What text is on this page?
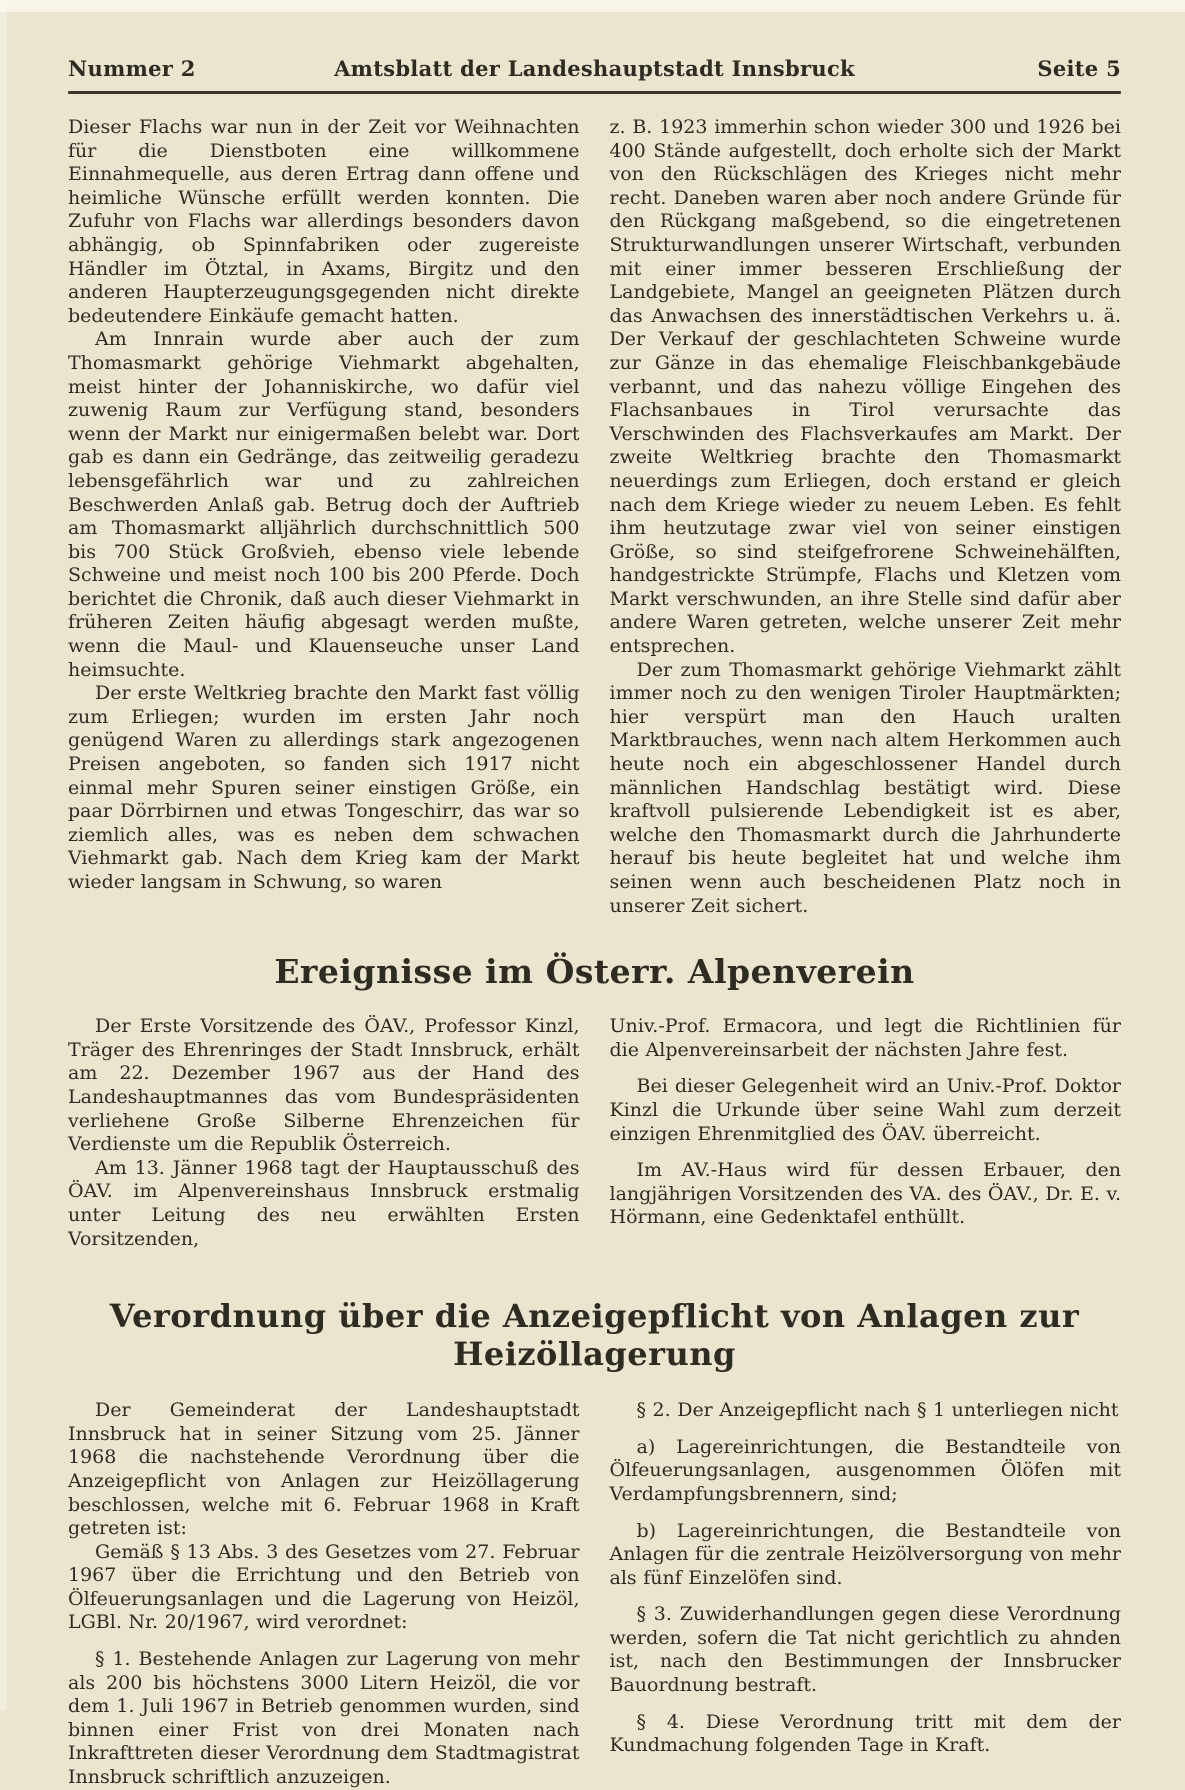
Nummer 2	Amtsblatt der Landeshauptstadt Innsbruck	Seite 5

Dieser Flachs war nun in der Zeit vor Weihnachten für die Dienstboten eine willkommene Einnahmequelle, aus deren Ertrag dann offene und heimliche Wünsche erfüllt werden konnten. Die Zufuhr von Flachs war allerdings besonders davon abhängig, ob Spinnfabriken oder zugereiste Händler im Ötztal, in Axams, Birgitz und den anderen Haupterzeugungsgegenden nicht direkte bedeutendere Einkäufe gemacht hatten.

Am Innrain wurde aber auch der zum Thomasmarkt gehörige Viehmarkt abgehalten, meist hinter der Johanniskirche, wo dafür viel zuwenig Raum zur Verfügung stand, besonders wenn der Markt nur einigermaßen belebt war. Dort gab es dann ein Gedränge, das zeitweilig geradezu lebensgefährlich war und zu zahlreichen Beschwerden Anlaß gab. Betrug doch der Auftrieb am Thomasmarkt alljährlich durchschnittlich 500 bis 700 Stück Großvieh, ebenso viele lebende Schweine und meist noch 100 bis 200 Pferde. Doch berichtet die Chronik, daß auch dieser Viehmarkt in früheren Zeiten häufig abgesagt werden mußte, wenn die Maul- und Klauenseuche unser Land heimsuchte.

Der erste Weltkrieg brachte den Markt fast völlig zum Erliegen; wurden im ersten Jahr noch genügend Waren zu allerdings stark angezogenen Preisen angeboten, so fanden sich 1917 nicht einmal mehr Spuren seiner einstigen Größe, ein paar Dörrbirnen und etwas Tongeschirr, das war so ziemlich alles, was es neben dem schwachen Viehmarkt gab. Nach dem Krieg kam der Markt wieder langsam in Schwung, so waren

z. B. 1923 immerhin schon wieder 300 und 1926 bei 400 Stände aufgestellt, doch erholte sich der Markt von den Rückschlägen des Krieges nicht mehr recht. Daneben waren aber noch andere Gründe für den Rückgang maßgebend, so die eingetretenen Strukturwandlungen unserer Wirtschaft, verbunden mit einer immer besseren Erschließung der Landgebiete, Mangel an geeigneten Plätzen durch das Anwachsen des innerstädtischen Verkehrs u. ä. Der Verkauf der geschlachteten Schweine wurde zur Gänze in das ehemalige Fleischbankgebäude verbannt, und das nahezu völlige Eingehen des Flachsanbaues in Tirol verursachte das Verschwinden des Flachsverkaufes am Markt. Der zweite Weltkrieg brachte den Thomasmarkt neuerdings zum Erliegen, doch erstand er gleich nach dem Kriege wieder zu neuem Leben. Es fehlt ihm heutzutage zwar viel von seiner einstigen Größe, so sind steifgefrorene Schweinehälften, handgestrickte Strümpfe, Flachs und Kletzen vom Markt verschwunden, an ihre Stelle sind dafür aber andere Waren getreten, welche unserer Zeit mehr entsprechen.

Der zum Thomasmarkt gehörige Viehmarkt zählt immer noch zu den wenigen Tiroler Hauptmärkten; hier verspürt man den Hauch uralten Marktbrauches, wenn nach altem Herkommen auch heute noch ein abgeschlossener Handel durch männlichen Handschlag bestätigt wird. Diese kraftvoll pulsierende Lebendigkeit ist es aber, welche den Thomasmarkt durch die Jahrhunderte herauf bis heute begleitet hat und welche ihm seinen wenn auch bescheidenen Platz noch in unserer Zeit sichert.

Ereignisse im Österr. Alpenverein

Der Erste Vorsitzende des ÖAV., Professor Kinzl, Träger des Ehrenringes der Stadt Innsbruck, erhält am 22. Dezember 1967 aus der Hand des Landeshauptmannes das vom Bundespräsidenten verliehene Große Silberne Ehrenzeichen für Verdienste um die Republik Österreich.

Am 13. Jänner 1968 tagt der Hauptausschuß des ÖAV. im Alpenvereinshaus Innsbruck erstmalig unter Leitung des neu erwählten Ersten Vorsitzenden,

Univ.-Prof. Ermacora, und legt die Richtlinien für die Alpenvereinsarbeit der nächsten Jahre fest.

Bei dieser Gelegenheit wird an Univ.-Prof. Doktor Kinzl die Urkunde über seine Wahl zum derzeit einzigen Ehrenmitglied des ÖAV. überreicht.

Im AV.-Haus wird für dessen Erbauer, den langjährigen Vorsitzenden des VA. des ÖAV., Dr. E. v. Hörmann, eine Gedenktafel enthüllt.

Verordnung über die Anzeigepflicht von Anlagen zur Heizöllagerung

Der Gemeinderat der Landeshauptstadt Innsbruck hat in seiner Sitzung vom 25. Jänner 1968 die nachstehende Verordnung über die Anzeigepflicht von Anlagen zur Heizöllagerung beschlossen, welche mit 6. Februar 1968 in Kraft getreten ist:

Gemäß § 13 Abs. 3 des Gesetzes vom 27. Februar 1967 über die Errichtung und den Betrieb von Ölfeuerungsanlagen und die Lagerung von Heizöl, LGBl. Nr. 20/1967, wird verordnet:

§ 1. Bestehende Anlagen zur Lagerung von mehr als 200 bis höchstens 3000 Litern Heizöl, die vor dem 1. Juli 1967 in Betrieb genommen wurden, sind binnen einer Frist von drei Monaten nach Inkrafttreten dieser Verordnung dem Stadtmagistrat Innsbruck schriftlich anzuzeigen.

§ 2. Der Anzeigepflicht nach § 1 unterliegen nicht

a) Lagereinrichtungen, die Bestandteile von Ölfeuerungsanlagen, ausgenommen Ölöfen mit Verdampfungsbrennern, sind;

b) Lagereinrichtungen, die Bestandteile von Anlagen für die zentrale Heizölversorgung von mehr als fünf Einzelöfen sind.

§ 3. Zuwiderhandlungen gegen diese Verordnung werden, sofern die Tat nicht gerichtlich zu ahnden ist, nach den Bestimmungen der Innsbrucker Bauordnung bestraft.

§ 4. Diese Verordnung tritt mit dem der Kundmachung folgenden Tage in Kraft.
